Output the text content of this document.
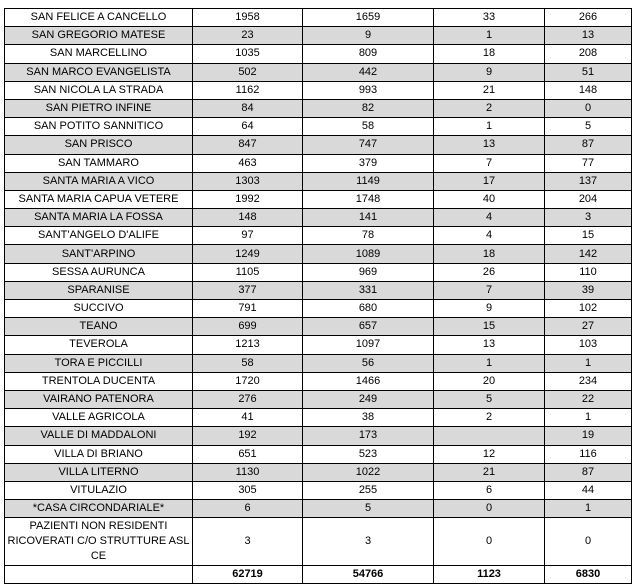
SAN FELICE A CANCELLO	1958	1659	33	266
SAN GREGORIO MATESE	23	9	1	13
SAN MARCELLINO	1035	809	18	208
SAN MARCO EVANGELISTA	502	442	9	51
SAN NICOLA LA STRADA	1162	993	21	148
SAN PIETRO INFINE	84	82	2	0
SAN POTITO SANNITICO	64	58	1	5
SAN PRISCO	847	747	13	87
SAN TAMMARO	463	379	7	77
SANTA MARIA A VICO	1303	1149	17	137
SANTA MARIA CAPUA VETERE	1992	1748	40	204
SANTA MARIA LA FOSSA	148	141	4	3
SANT'ANGELO D'ALIFE	97	78	4	15
SANT'ARPINO	1249	1089	18	142
SESSA AURUNCA	1105	969	26	110
SPARANISE	377	331	7	39
SUCCIVO	791	680	9	102
TEANO	699	657	15	27
TEVEROLA	1213	1097	13	103
TORA E PICCILLI	58	56	1	1
TRENTOLA DUCENTA	1720	1466	20	234
VAIRANO PATENORA	276	249	5	22
VALLE AGRICOLA	41	38	2	1
VALLE DI MADDALONI	192	173		19
VILLA DI BRIANO	651	523	12	116
VILLA LITERNO	1130	1022	21	87
VITULAZIO	305	255	6	44
*CASA CIRCONDARIALE*	6	5	0	1
PAZIENTI NON RESIDENTI RICOVERATI C/O STRUTTURE ASL CE	3	3	0	0
	62719	54766	1123	6830
